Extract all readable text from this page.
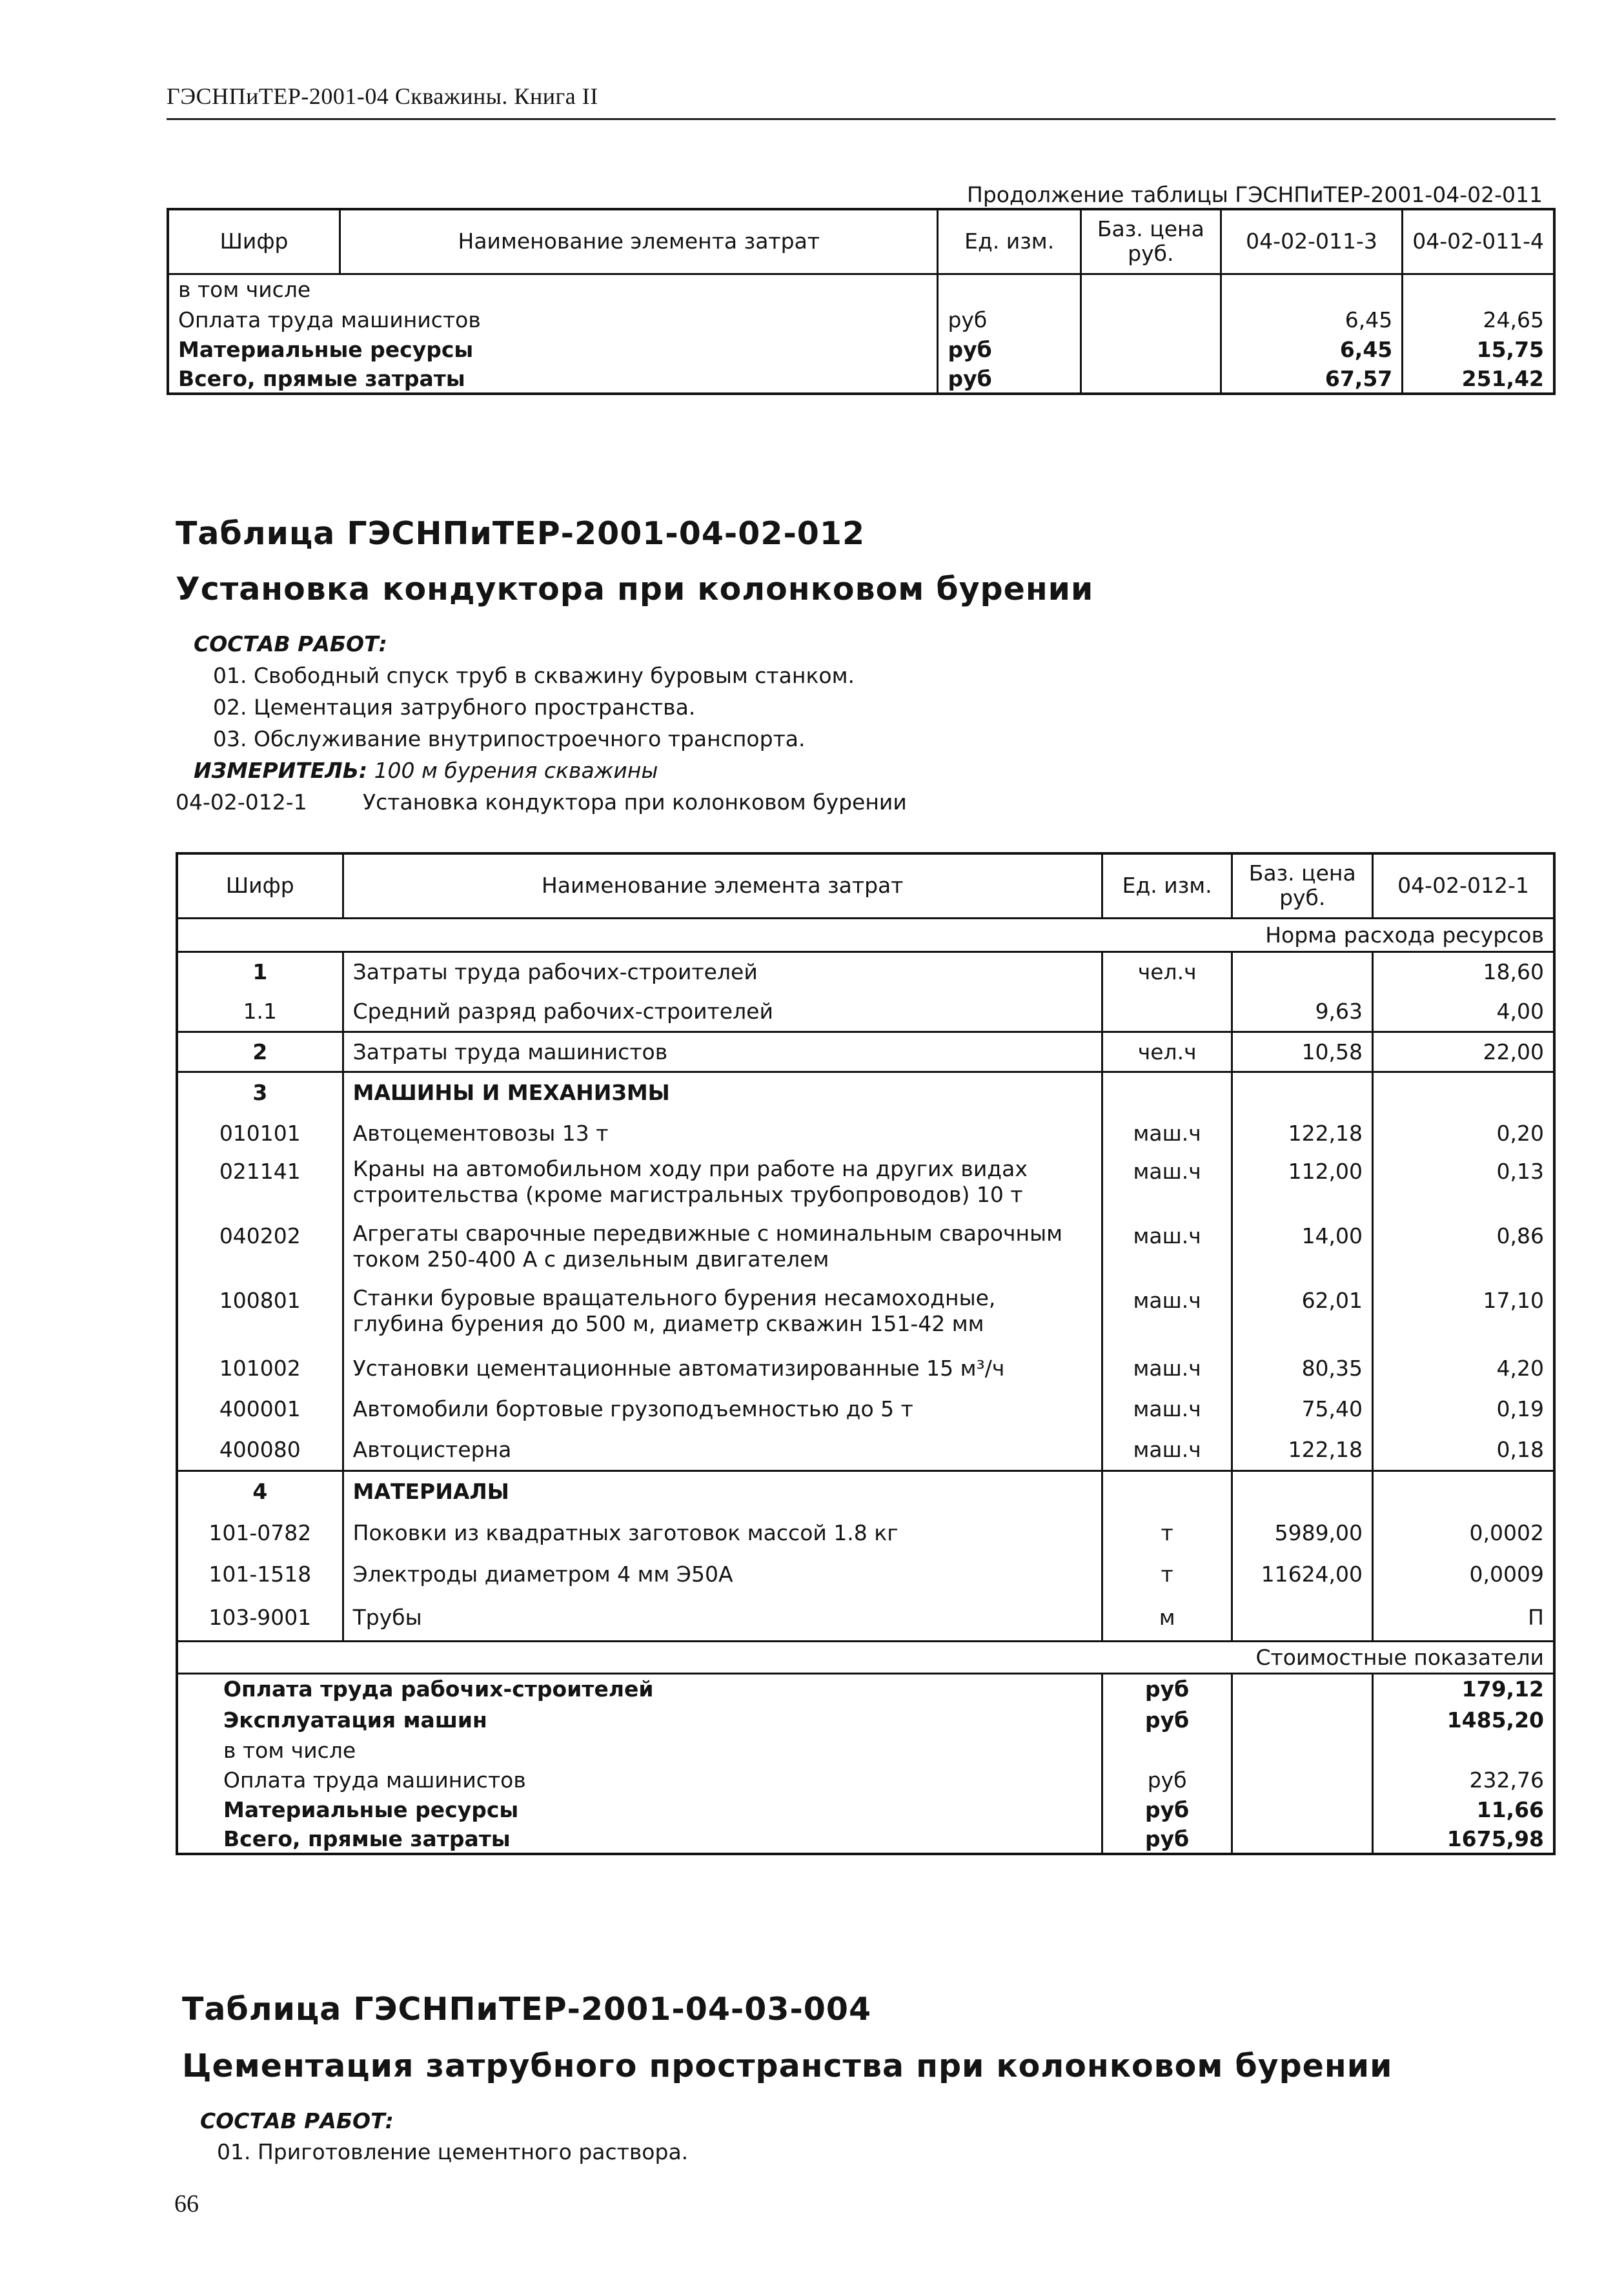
ГЭСНПиТЕР-2001-04 Скважины. Книга II
Продолжение таблицы ГЭСНПиТЕР-2001-04-02-011
Шифр	Наименование элемента затрат	Ед. изм.	Баз. цена руб.	04-02-011-3	04-02-011-4
в том числе					
Оплата труда машинистов		руб		6,45	24,65
Материальные ресурсы		руб		6,45	15,75
Всего, прямые затраты		руб		67,57	251,42
Таблица ГЭСНПиТЕР-2001-04-02-012
Установка кондуктора при колонковом бурении
СОСТАВ РАБОТ:
01. Свободный спуск труб в скважину буровым станком.
02. Цементация затрубного пространства.
03. Обслуживание внутрипостроечного транспорта.
ИЗМЕРИТЕЛЬ: 100 м бурения скважины
04-02-012-1	Установка кондуктора при колонковом бурении
Шифр	Наименование элемента затрат	Ед. изм.	Баз. цена руб.	04-02-012-1
Норма расхода ресурсов				
1	Затраты труда рабочих-строителей	чел.ч		18,60
1.1	Средний разряд рабочих-строителей		9,63	4,00
2	Затраты труда машинистов	чел.ч	10,58	22,00
3	МАШИНЫ И МЕХАНИЗМЫ			
010101	Автоцементовозы 13 т	маш.ч	122,18	0,20
021141	Краны на автомобильном ходу при работе на других видах строительства (кроме магистральных трубопроводов) 10 т	маш.ч	112,00	0,13
040202	Агрегаты сварочные передвижные с номинальным сварочным током 250-400 А с дизельным двигателем	маш.ч	14,00	0,86
100801	Станки буровые вращательного бурения несамоходные, глубина бурения до 500 м, диаметр скважин 151-42 мм	маш.ч	62,01	17,10
101002	Установки цементационные автоматизированные 15 м³/ч	маш.ч	80,35	4,20
400001	Автомобили бортовые грузоподъемностью до 5 т	маш.ч	75,40	0,19
400080	Автоцистерна	маш.ч	122,18	0,18
4	МАТЕРИАЛЫ			
101-0782	Поковки из квадратных заготовок массой 1.8 кг	т	5989,00	0,0002
101-1518	Электроды диаметром 4 мм Э50А	т	11624,00	0,0009
103-9001	Трубы	м		П
Стоимостные показатели				
Оплата труда рабочих-строителей		руб		179,12
Эксплуатация машин		руб		1485,20
в том числе				
Оплата труда машинистов		руб		232,76
Материальные ресурсы		руб		11,66
Всего, прямые затраты		руб		1675,98
Таблица ГЭСНПиТЕР-2001-04-03-004
Цементация затрубного пространства при колонковом бурении
СОСТАВ РАБОТ:
01. Приготовление цементного раствора.
66
